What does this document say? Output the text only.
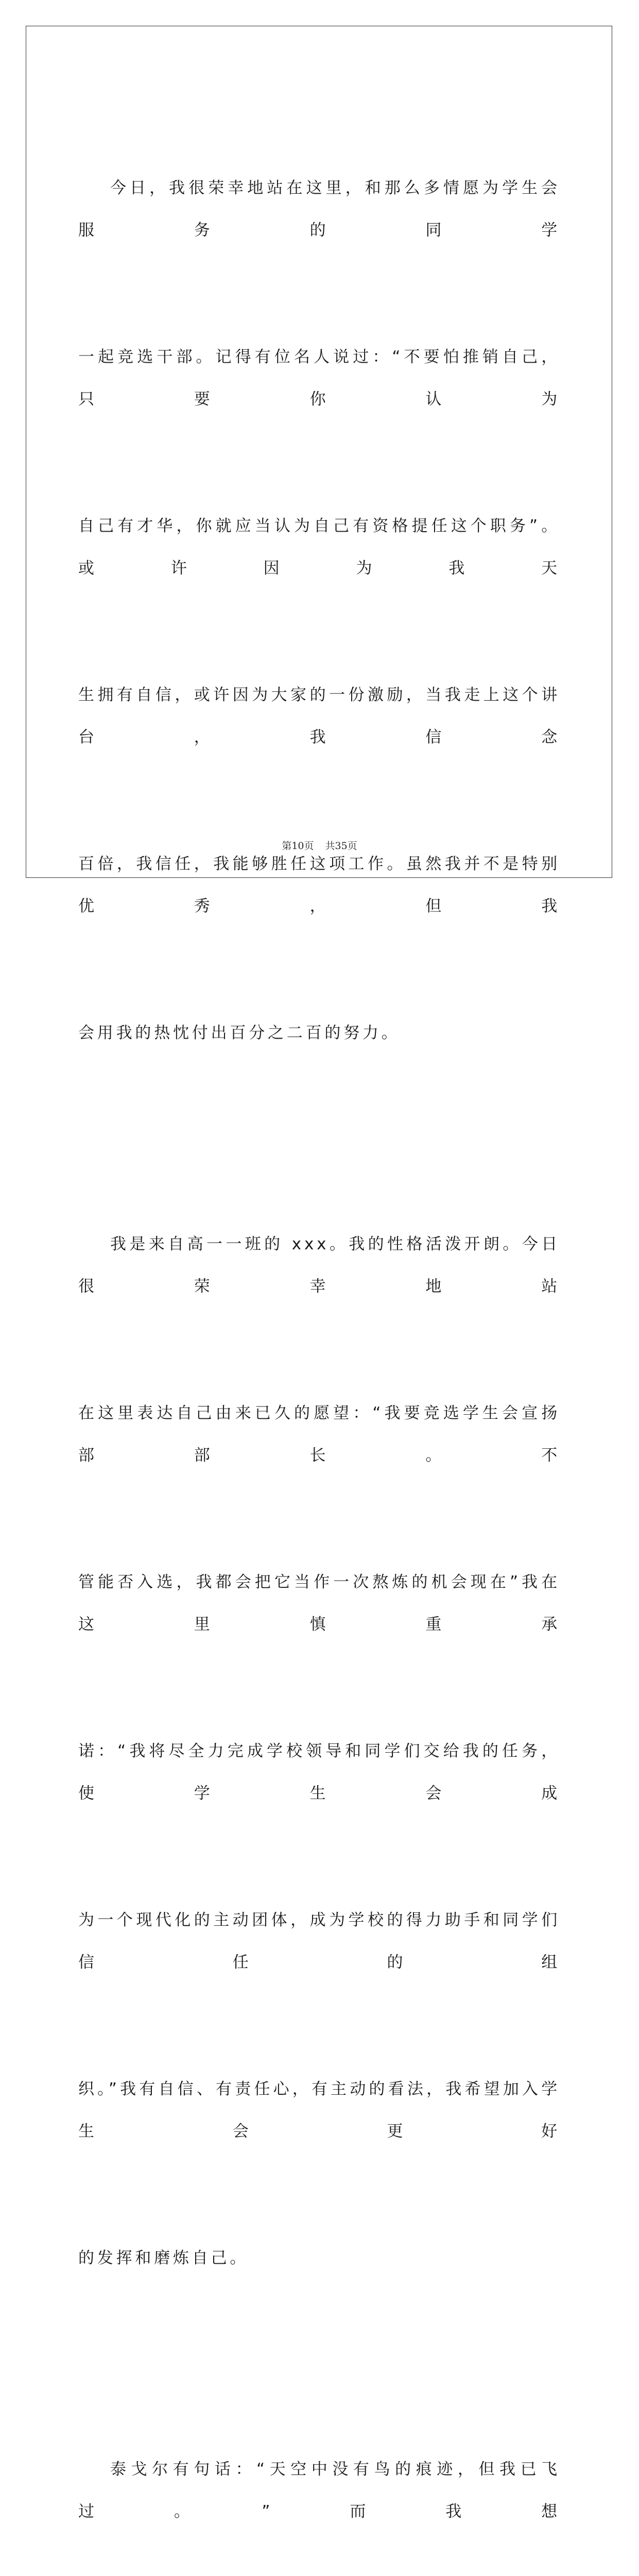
今日，我很荣幸地站在这里，和那么多情愿为学生会服务的同学

一起竞选干部。记得有位名人说过：“不要怕推销自己，只要你认为

自己有才华，你就应当认为自己有资格提任这个职务”。或许因为我天

生拥有自信，或许因为大家的一份激励，当我走上这个讲台，我信念

百倍，我信任，我能够胜任这项工作。虽然我并不是特别优秀，但我

会用我的热忱付出百分之二百的努力。

我是来自高一一班的 xxx。我的性格活泼开朗。今日很荣幸地站

在这里表达自己由来已久的愿望：“我要竞选学生会宣扬部部长。不

管能否入选，我都会把它当作一次熬炼的机会现在”我在这里慎重承

诺：“我将尽全力完成学校领导和同学们交给我的任务，使学生会成

为一个现代化的主动团体，成为学校的得力助手和同学们信任的组

织。”我有自信、有责任心，有主动的看法，我希望加入学生会更好

的发挥和磨炼自己。

泰戈尔有句话：“天空中没有鸟的痕迹，但我已飞过。”而我想

第10页 共35页
